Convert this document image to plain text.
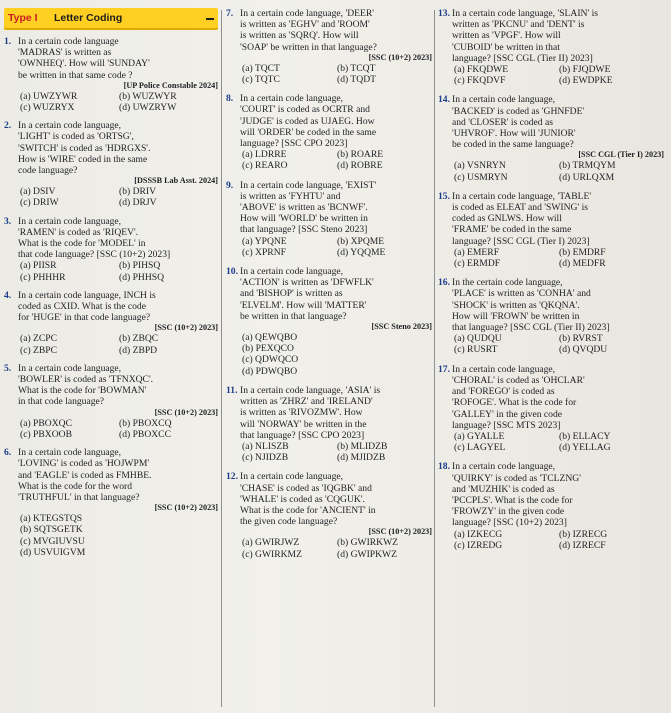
Type I Letter Coding
1. In a certain code language
'MADRAS' is written as
'OWNHEQ'. How will 'SUNDAY'
be written in that same code ?
[UP Police Constable 2024]
(a) UWZYWR	(b) WUZWYR
(c) WUZRYX	(d) UWZRYW
2. In a certain code language,
'LIGHT' is coded as 'ORTSG',
'SWITCH' is coded as 'HDRGXS'.
How is 'WIRE' coded in the same
code language?
[DSSSB Lab Asst. 2024]
(a) DSIV	(b) DRIV
(c) DRIW	(d) DRJV
3. In a certain code language,
'RAMEN' is coded as 'RIQEV'.
What is the code for 'MODEL' in
that code language? [SSC (10+2) 2023]
(a) PIISR	(b) PIHSQ
(c) PHHHR	(d) PHHSQ
4. In a certain code language, INCH is
coded as CXID. What is the code
for 'HUGE' in that code language?
[SSC (10+2) 2023]
(a) ZCPC	(b) ZBQC
(c) ZBPC	(d) ZBPD
5. In a certain code language,
'BOWLER' is coded as 'TFNXQC'.
What is the code for 'BOWMAN'
in that code language?
[SSC (10+2) 2023]
(a) PBOXQC	(b) PBOXCQ
(c) PBXOOB	(d) PBOXCC
6. In a certain code language,
'LOVING' is coded as 'HOJWPM'
and 'EAGLE' is coded as FMHBE.
What is the code for the word
'TRUTHFUL' in that language?
[SSC (10+2) 2023]
(a) KTEGSTQS
(b) SQTSGETK
(c) MVGIUVSU
(d) USVUIGVM
7. In a certain code language, 'DEER'
is written as 'EGHV' and 'ROOM'
is written as 'SQRQ'. How will
'SOAP' be written in that language?
[SSC (10+2) 2023]
(a) TQCT	(b) TCQT
(c) TQTC	(d) TQDT
8. In a certain code language,
'COURT' is coded as OCRTR and
'JUDGE' is coded as UJAEG. How
will 'ORDER' be coded in the same
language? [SSC CPO 2023]
(a) LDRRE	(b) ROARE
(c) REARO	(d) ROBRE
9. In a certain code language, 'EXIST'
is written as 'FYHTU' and
'ABOVE' is written as 'BCNWF'.
How will 'WORLD' be written in
that language? [SSC Steno 2023]
(a) YPQNE	(b) XPQME
(c) XPRNF	(d) YQQME
10. In a certain code language,
'ACTION' is written as 'DFWFLK'
and 'BISHOP' is written as
'ELVELM'. How will 'MATTER'
be written in that language?
[SSC Steno 2023]
(a) QEWQBO
(b) PEXQCO
(c) QDWQCO
(d) PDWQBO
11. In a certain code language, 'ASIA' is
written as 'ZHRZ' and 'IRELAND'
is written as 'RIVOZMW'. How
will 'NORWAY' be written in the
that language? [SSC CPO 2023]
(a) NLISZB	(b) MLIDZB
(c) NJIDZB	(d) MJIDZB
12. In a certain code language,
'CHASE' is coded as 'IQGBK' and
'WHALE' is coded as 'CQGUK'.
What is the code for 'ANCIENT' in
the given code language?
[SSC (10+2) 2023]
(a) GWIRJWZ	(b) GWIRKWZ
(c) GWIRKMZ	(d) GWIPKWZ
13. In a certain code language, 'SLAIN' is
written as 'PKCNU' and 'DENT' is
written as 'VPGF'. How will
'CUBOID' be written in that
language? [SSC CGL (Tier II) 2023]
(a) FKQDWE	(b) FJQDWE
(c) FKQDVF	(d) EWDPKE
14. In a certain code language,
'BACKED' is coded as 'GHNFDE'
and 'CLOSER' is coded as
'UHVROF'. How will 'JUNIOR'
be coded in the same language?
[SSC CGL (Tier I) 2023]
(a) VSNRYN	(b) TRMQYM
(c) USMRYN	(d) URLQXM
15. In a certain code language, 'TABLE'
is coded as ELEAT and 'SWING' is
coded as GNLWS. How will
'FRAME' be coded in the same
language? [SSC CGL (Tier I) 2023]
(a) EMERF	(b) EMDRF
(c) ERMDF	(d) MEDFR
16. In the certain code language,
'PLACE' is written as 'CONHA' and
'SHOCK' is written as 'QKQNA'.
How will 'FROWN' be written in
that language? [SSC CGL (Tier II) 2023]
(a) QUDQU	(b) RVRST
(c) RUSRT	(d) QVQDU
17. In a certain code language,
'CHORAL' is coded as 'OHCLAR'
and 'FOREGO' is coded as
'ROFOGE'. What is the code for
'GALLEY' in the given code
language? [SSC MTS 2023]
(a) GYALLE	(b) ELLACY
(c) LAGYEL	(d) YELLAG
18. In a certain code language,
'QUIRKY' is coded as 'TCLZNG'
and 'MUZHIK' is coded as
'PCCPLS'. What is the code for
'FROWZY' in the given code
language? [SSC (10+2) 2023]
(a) IZKECG	(b) IZRECG
(c) IZREDG	(d) IZRECF
